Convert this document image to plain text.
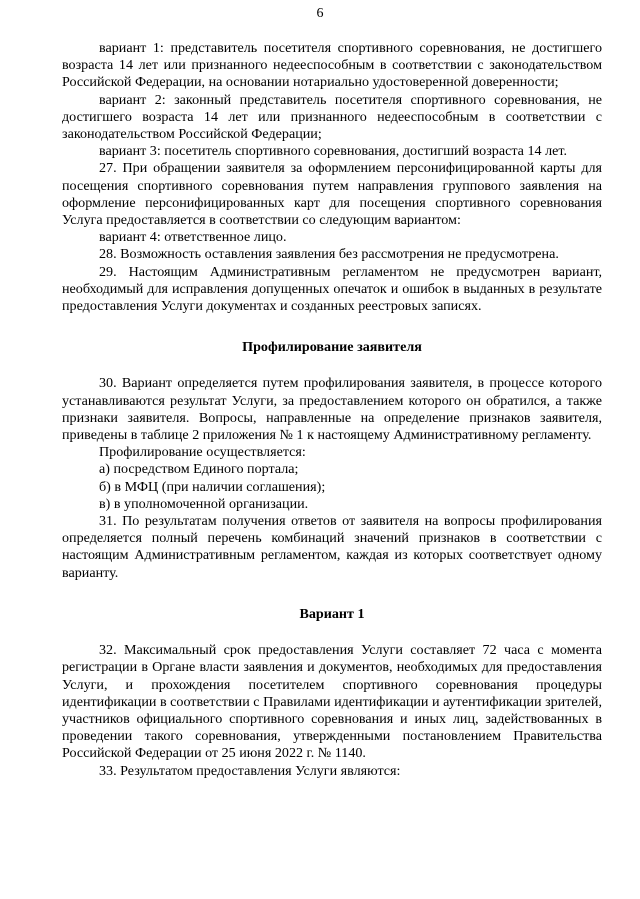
6

вариант 1: представитель посетителя спортивного соревнования, не достигшего возраста 14 лет или признанного недееспособным в соответствии с законодательством Российской Федерации, на основании нотариально удостоверенной доверенности;

вариант 2: законный представитель посетителя спортивного соревнования, не достигшего возраста 14 лет или признанного недееспособным в соответствии с законодательством Российской Федерации;

вариант 3: посетитель спортивного соревнования, достигший возраста 14 лет.

27. При обращении заявителя за оформлением персонифицированной карты для посещения спортивного соревнования путем направления группового заявления на оформление персонифицированных карт для посещения спортивного соревнования Услуга предоставляется в соответствии со следующим вариантом:

вариант 4: ответственное лицо.

28. Возможность оставления заявления без рассмотрения не предусмотрена.

29. Настоящим Административным регламентом не предусмотрен вариант, необходимый для исправления допущенных опечаток и ошибок в выданных в результате предоставления Услуги документах и созданных реестровых записях.

Профилирование заявителя

30. Вариант определяется путем профилирования заявителя, в процессе которого устанавливаются результат Услуги, за предоставлением которого он обратился, а также признаки заявителя. Вопросы, направленные на определение признаков заявителя, приведены в таблице 2 приложения № 1 к настоящему Административному регламенту.

Профилирование осуществляется:

а) посредством Единого портала;

б) в МФЦ (при наличии соглашения);

в) в уполномоченной организации.

31. По результатам получения ответов от заявителя на вопросы профилирования определяется полный перечень комбинаций значений признаков в соответствии с настоящим Административным регламентом, каждая из которых соответствует одному варианту.

Вариант 1

32. Максимальный срок предоставления Услуги составляет 72 часа с момента регистрации в Органе власти заявления и документов, необходимых для предоставления Услуги, и прохождения посетителем спортивного соревнования процедуры идентификации в соответствии с Правилами идентификации и аутентификации зрителей, участников официального спортивного соревнования и иных лиц, задействованных в проведении такого соревнования, утвержденными постановлением Правительства Российской Федерации от 25 июня 2022 г. № 1140.

33. Результатом предоставления Услуги являются:
